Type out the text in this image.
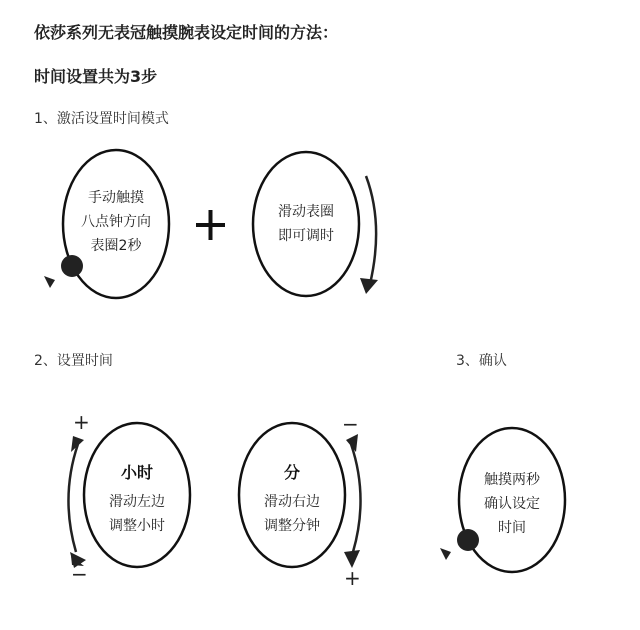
依莎系列无表冠触摸腕表设定时间的方法：
时间设置共为3步
1、激活设置时间模式
2、设置时间	3、确认
手动触摸
八点钟方向
表圈2秒
滑动表圈
即可调时
小时
滑动左边
调整小时
+
−
分
滑动右边
调整分钟
−
+
触摸两秒
确认设定
时间
